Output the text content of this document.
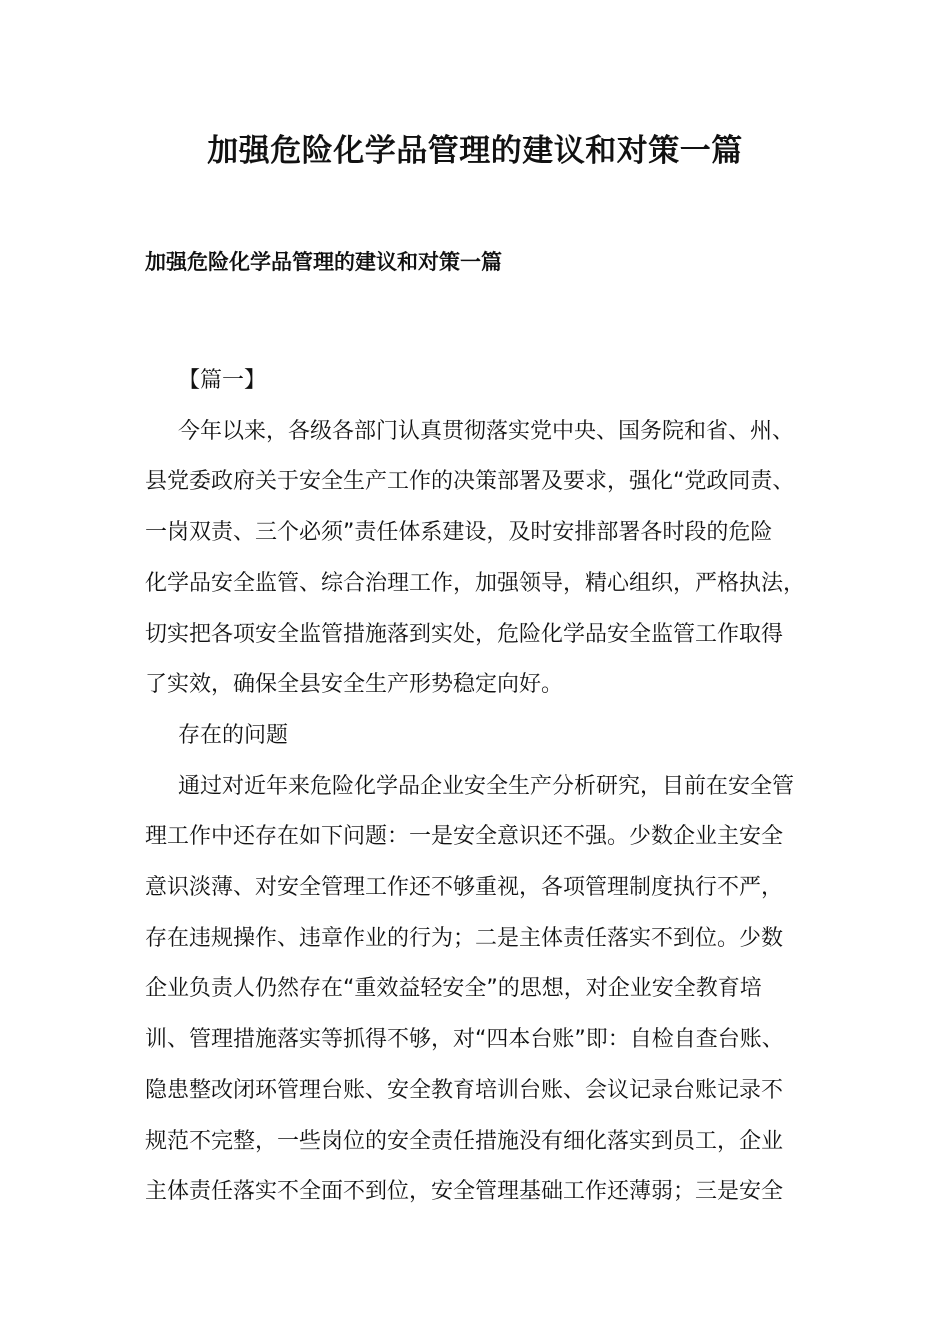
加强危险化学品管理的建议和对策一篇
加强危险化学品管理的建议和对策一篇

【篇一】

今年以来，各级各部门认真贯彻落实党中央、国务院和省、州、
县党委政府关于安全生产工作的决策部署及要求，强化“党政同责、
一岗双责、三个必须”责任体系建设，及时安排部署各时段的危险
化学品安全监管、综合治理工作，加强领导，精心组织，严格执法，
切实把各项安全监管措施落到实处，危险化学品安全监管工作取得
了实效，确保全县安全生产形势稳定向好。

存在的问题

通过对近年来危险化学品企业安全生产分析研究，目前在安全管
理工作中还存在如下问题：一是安全意识还不强。少数企业主安全
意识淡薄、对安全管理工作还不够重视，各项管理制度执行不严，
存在违规操作、违章作业的行为；二是主体责任落实不到位。少数
企业负责人仍然存在“重效益轻安全”的思想，对企业安全教育培
训、管理措施落实等抓得不够，对“四本台账”即：自检自查台账、
隐患整改闭环管理台账、安全教育培训台账、会议记录台账记录不
规范不完整，一些岗位的安全责任措施没有细化落实到员工，企业
主体责任落实不全面不到位，安全管理基础工作还薄弱；三是安全
